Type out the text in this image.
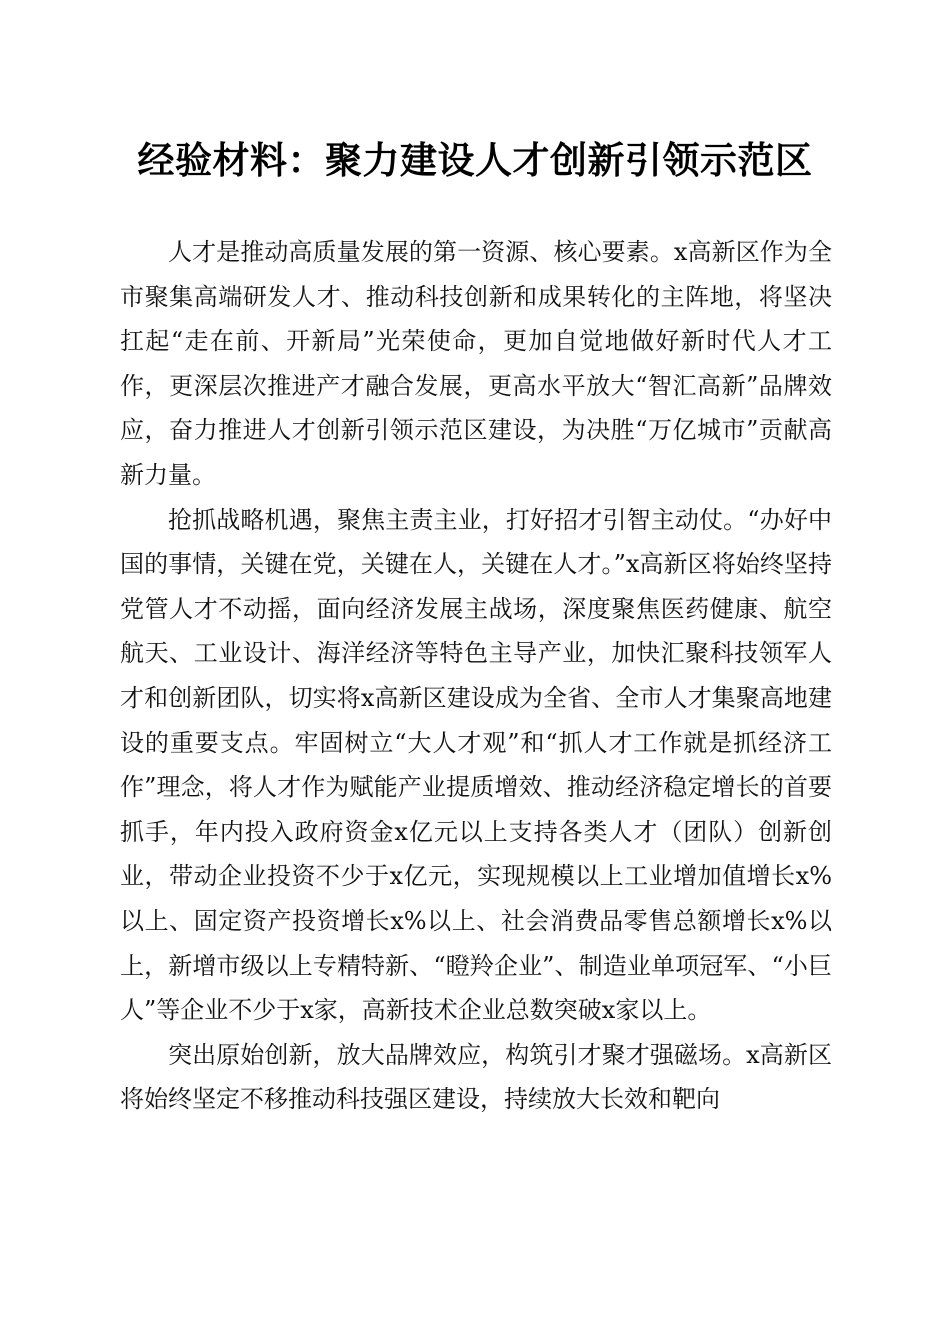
经验材料：聚力建设人才创新引领示范区

人才是推动高质量发展的第一资源、核心要素。x高新区作为全市聚集高端研发人才、推动科技创新和成果转化的主阵地，将坚决扛起“走在前、开新局”光荣使命，更加自觉地做好新时代人才工作，更深层次推进产才融合发展，更高水平放大“智汇高新”品牌效应，奋力推进人才创新引领示范区建设，为决胜“万亿城市”贡献高新力量。

抢抓战略机遇，聚焦主责主业，打好招才引智主动仗。“办好中国的事情，关键在党，关键在人，关键在人才。”x高新区将始终坚持党管人才不动摇，面向经济发展主战场，深度聚焦医药健康、航空航天、工业设计、海洋经济等特色主导产业，加快汇聚科技领军人才和创新团队，切实将x高新区建设成为全省、全市人才集聚高地建设的重要支点。牢固树立“大人才观”和“抓人才工作就是抓经济工作”理念，将人才作为赋能产业提质增效、推动经济稳定增长的首要抓手，年内投入政府资金x亿元以上支持各类人才（团队）创新创业，带动企业投资不少于x亿元，实现规模以上工业增加值增长x%以上、固定资产投资增长x%以上、社会消费品零售总额增长x%以上，新增市级以上专精特新、“瞪羚企业”、制造业单项冠军、“小巨人”等企业不少于x家，高新技术企业总数突破x家以上。

突出原始创新，放大品牌效应，构筑引才聚才强磁场。x高新区将始终坚定不移推动科技强区建设，持续放大长效和靶向
